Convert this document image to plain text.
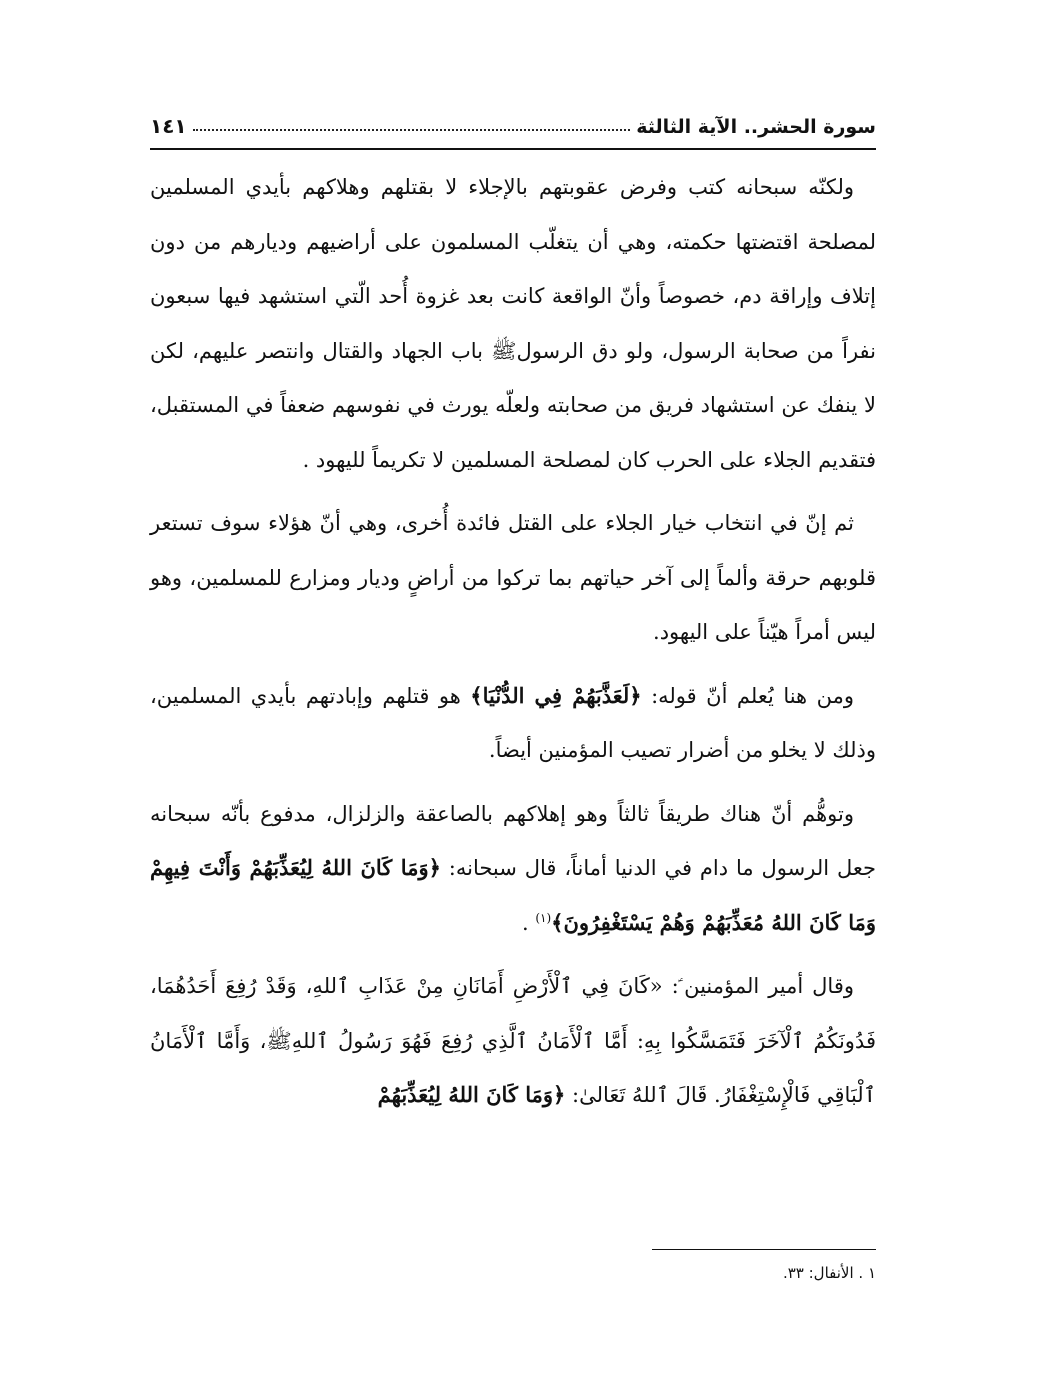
سورة الحشر.. الآية الثالثة
١٤١

ولكنّه سبحانه كتب وفرض عقوبتهم بالإجلاء لا بقتلهم وهلاكهم بأيدي المسلمين لمصلحة اقتضتها حكمته، وهي أن يتغلّب المسلمون على أراضيهم وديارهم من دون إتلاف وإراقة دم، خصوصاً وأنّ الواقعة كانت بعد غزوة أُحد الّتي استشهد فيها سبعون نفراً من صحابة الرسول، ولو دق الرسولﷺ باب الجهاد والقتال وانتصر عليهم، لكن لا ينفك عن استشهاد فريق من صحابته ولعلّه يورث في نفوسهم ضعفاً في المستقبل، فتقديم الجلاء على الحرب كان لمصلحة المسلمين لا تكريماً لليهود .

ثم إنّ في انتخاب خيار الجلاء على القتل فائدة أُخرى، وهي أنّ هؤلاء سوف تستعر قلوبهم حرقة وألماً إلى آخر حياتهم بما تركوا من أراضٍ وديار ومزارع للمسلمين، وهو ليس أمراً هيّناً على اليهود.

ومن هنا يُعلم أنّ قوله: ﴿لَعَذَّبَهُمْ فِي الدُّنْيَا﴾ هو قتلهم وإبادتهم بأيدي المسلمين، وذلك لا يخلو من أضرار تصيب المؤمنين أيضاً.

وتوهُّم أنّ هناك طريقاً ثالثاً وهو إهلاكهم بالصاعقة والزلزال، مدفوع بأنّه سبحانه جعل الرسول ما دام في الدنيا أماناً، قال سبحانه: ﴿وَمَا كَانَ اللهُ لِيُعَذِّبَهُمْ وَأَنْتَ فِيهِمْ وَمَا كَانَ اللهُ مُعَذِّبَهُمْ وَهُمْ يَسْتَغْفِرُونَ﴾$^{(١)}$ .

وقال أمير المؤمنين ؑ: «كَانَ فِي ٱلْأَرْضِ أَمَانَانِ مِنْ عَذَابِ ٱللهِ، وَقَدْ رُفِعَ أَحَدُهُمَا، فَدُونَكُمُ ٱلْآخَرَ فَتَمَسَّكُوا بِهِ: أَمَّا ٱلْأَمَانُ ٱلَّذِي رُفِعَ فَهُوَ رَسُولُ ٱللهِﷺ، وَأَمَّا ٱلْأَمَانُ ٱلْبَاقِي فَالْإِسْتِغْفَارُ. قَالَ ٱللهُ تَعَالىٰ: ﴿وَمَا كَانَ اللهُ لِيُعَذِّبَهُمْ

١ . الأنفال: ٣٣.
